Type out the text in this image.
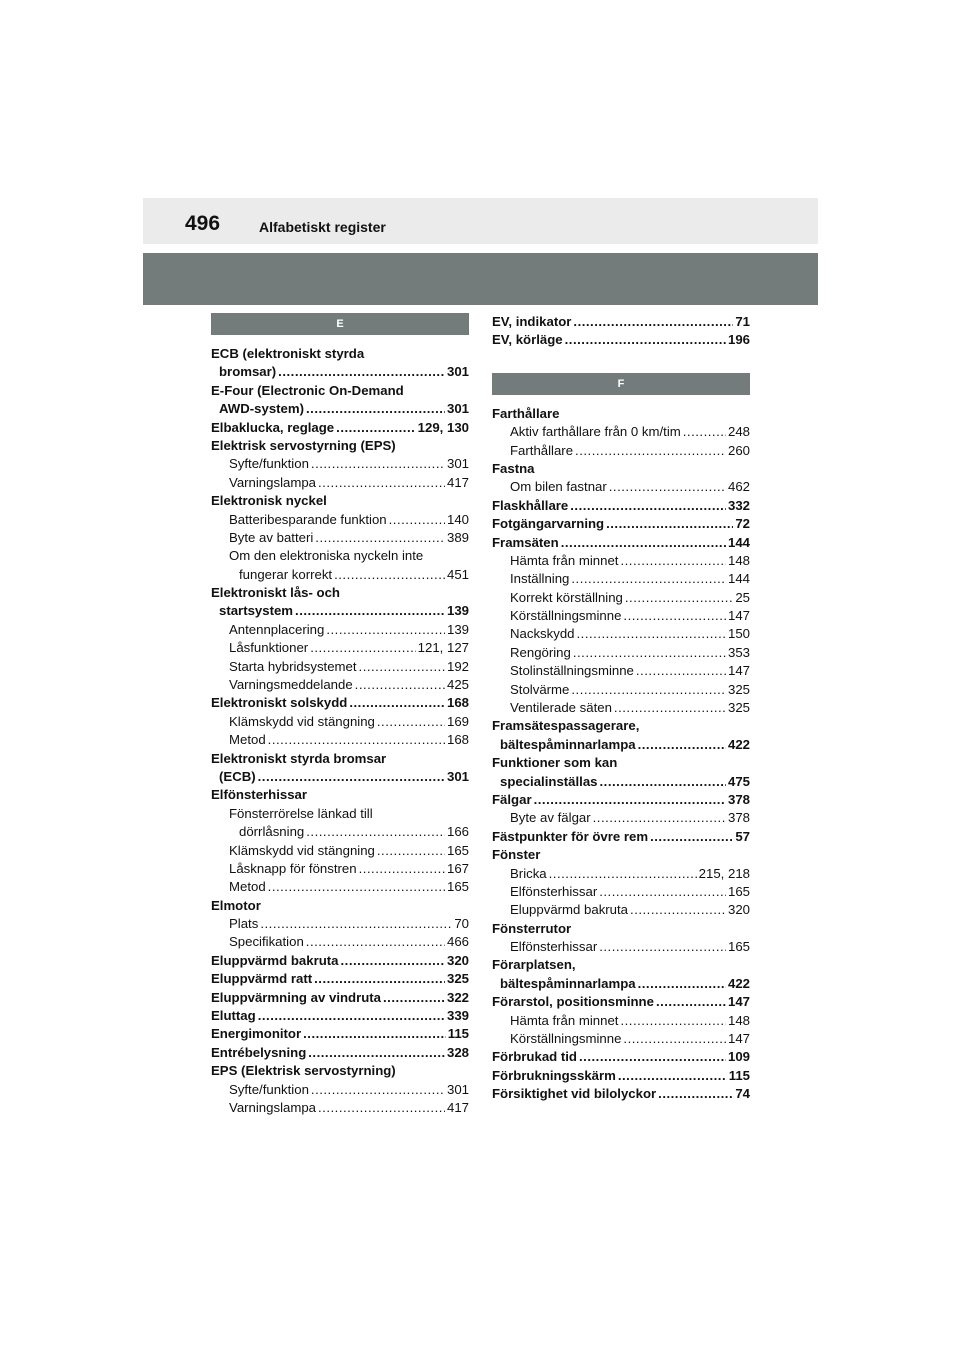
496	Alfabetiskt register
E
ECB (elektroniskt styrda
bromsar) .....	301
E-Four (Electronic On-Demand
AWD-system) .....	301
Elbaklucka, reglage .....	129, 130
Elektrisk servostyrning (EPS)
Syfte/funktion .....	301
Varningslampa .....	417
Elektronisk nyckel
Batteribesparande funktion .....	140
Byte av batteri .....	389
Om den elektroniska nyckeln inte
fungerar korrekt .....	451
Elektroniskt lås- och
startsystem .....	139
Antennplacering .....	139
Låsfunktioner .....	121, 127
Starta hybridsystemet .....	192
Varningsmeddelande .....	425
Elektroniskt solskydd .....	168
Klämskydd vid stängning .....	169
Metod .....	168
Elektroniskt styrda bromsar
(ECB) .....	301
Elfönsterhissar
Fönsterrörelse länkad till
dörrlåsning .....	166
Klämskydd vid stängning .....	165
Låsknapp för fönstren .....	167
Metod .....	165
Elmotor
Plats .....	70
Specifikation .....	466
Eluppvärmd bakruta .....	320
Eluppvärmd ratt .....	325
Eluppvärmning av vindruta .....	322
Eluttag .....	339
Energimonitor .....	115
Entrébelysning .....	328
EPS (Elektrisk servostyrning)
Syfte/funktion .....	301
Varningslampa .....	417
EV, indikator .....	71
EV, körläge .....	196
F
Farthållare
Aktiv farthållare från 0 km/tim .....	248
Farthållare .....	260
Fastna
Om bilen fastnar .....	462
Flaskhållare .....	332
Fotgängarvarning .....	72
Framsäten .....	144
Hämta från minnet .....	148
Inställning .....	144
Korrekt körställning .....	25
Körställningsminne .....	147
Nackskydd .....	150
Rengöring .....	353
Stolinställningsminne .....	147
Stolvärme .....	325
Ventilerade säten .....	325
Framsätespassagerare,
bältespåminnarlampa .....	422
Funktioner som kan
specialinställas .....	475
Fälgar .....	378
Byte av fälgar .....	378
Fästpunkter för övre rem .....	57
Fönster
Bricka .....	215, 218
Elfönsterhissar .....	165
Eluppvärmd bakruta .....	320
Fönsterrutor
Elfönsterhissar .....	165
Förarplatsen,
bältespåminnarlampa .....	422
Förarstol, positionsminne .....	147
Hämta från minnet .....	148
Körställningsminne .....	147
Förbrukad tid .....	109
Förbrukningsskärm .....	115
Försiktighet vid bilolyckor .....	74
